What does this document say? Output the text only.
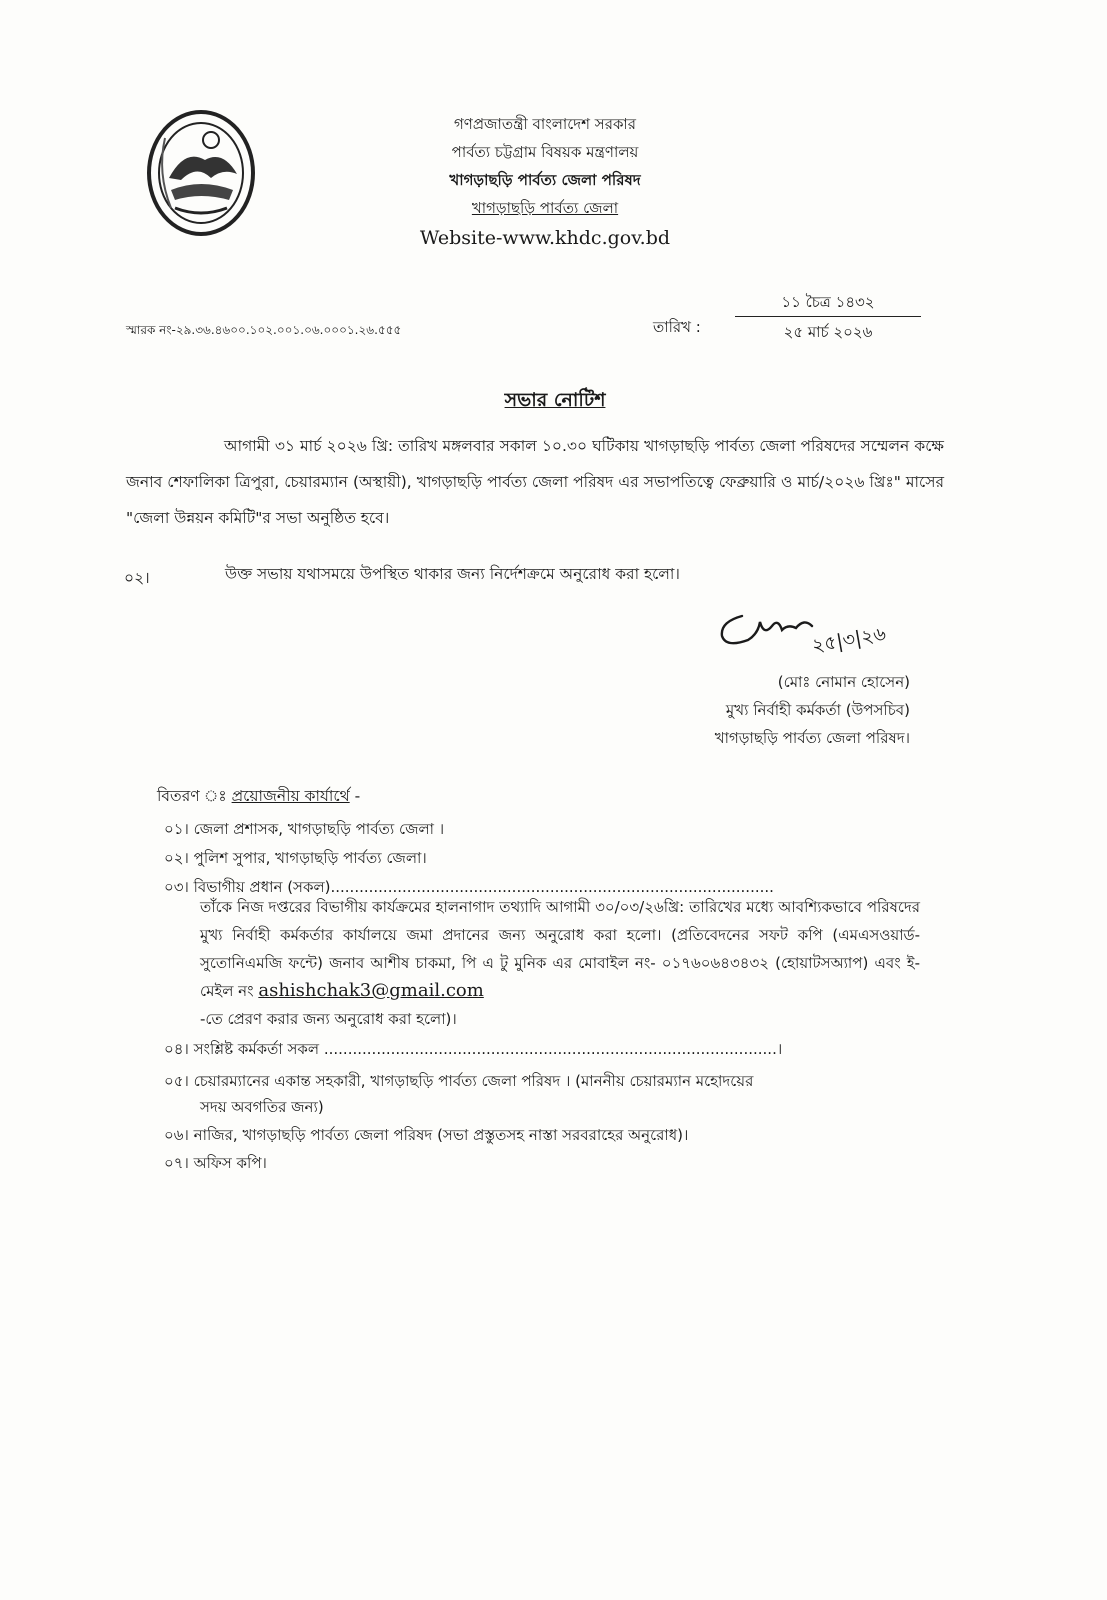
গণপ্রজাতন্ত্রী বাংলাদেশ সরকার
পার্বত্য চট্টগ্রাম বিষয়ক মন্ত্রণালয়
খাগড়াছড়ি পার্বত্য জেলা পরিষদ
খাগড়াছড়ি পার্বত্য জেলা
Website-www.khdc.gov.bd
স্মারক নং-২৯.৩৬.৪৬০০.১০২.০০১.০৬.০০০১.২৬.৫৫৫	তারিখ :
১১ চৈত্র ১৪৩২
২৫ মার্চ ২০২৬
সভার নোটিশ
আগামী ৩১ মার্চ ২০২৬ খ্রি: তারিখ মঙ্গলবার সকাল ১০.৩০ ঘটিকায় খাগড়াছড়ি পার্বত্য জেলা পরিষদের সম্মেলন কক্ষে জনাব শেফালিকা ত্রিপুরা, চেয়ারম্যান (অস্থায়ী), খাগড়াছড়ি পার্বত্য জেলা পরিষদ এর সভাপতিত্বে ফেব্রুয়ারি ও মার্চ/২০২৬ খ্রিঃ" মাসের "জেলা উন্নয়ন কমিটি"র সভা অনুষ্ঠিত হবে।
০২।	উক্ত সভায় যথাসময়ে উপস্থিত থাকার জন্য নির্দেশক্রমে অনুরোধ করা হলো।
২৫|৩|২৬
(মোঃ নোমান হোসেন)
মুখ্য নির্বাহী কর্মকর্তা (উপসচিব)
খাগড়াছড়ি পার্বত্য জেলা পরিষদ।
বিতরণ ঃ প্রয়োজনীয় কার্যার্থে -
০১। জেলা প্রশাসক, খাগড়াছড়ি পার্বত্য জেলা ।
০২। পুলিশ সুপার, খাগড়াছড়ি পার্বত্য জেলা।
০৩। বিভাগীয় প্রধান (সকল).............................................................................................
তাঁকে নিজ দপ্তরের বিভাগীয় কার্যক্রমের হালনাগাদ তথ্যাদি আগামী ৩০/০৩/২৬খ্রি: তারিখের মধ্যে আবশ্যিকভাবে পরিষদের মুখ্য নির্বাহী কর্মকর্তার কার্যালয়ে জমা প্রদানের জন্য অনুরোধ করা হলো। (প্রতিবেদনের সফট কপি (এমএসওয়ার্ড-সুতোনিএমজি ফন্টে) জনাব আশীষ চাকমা, পি এ টু মুনিক এর মোবাইল নং- ০১৭৬০৬৪৩৪৩২ (হোয়াটসঅ্যাপ) এবং ই-মেইল নং ashishchak3@gmail.com
-তে প্রেরণ করার জন্য অনুরোধ করা হলো)।
০৪। সংশ্লিষ্ট কর্মকর্তা সকল ...............................................................................................।
০৫। চেয়ারম্যানের একান্ত সহকারী, খাগড়াছড়ি পার্বত্য জেলা পরিষদ । (মাননীয় চেয়ারম্যান মহোদয়ের
সদয় অবগতির জন্য)
০৬। নাজির, খাগড়াছড়ি পার্বত্য জেলা পরিষদ (সভা প্রস্তুতসহ নাস্তা সরবরাহের অনুরোধ)।
০৭। অফিস কপি।
